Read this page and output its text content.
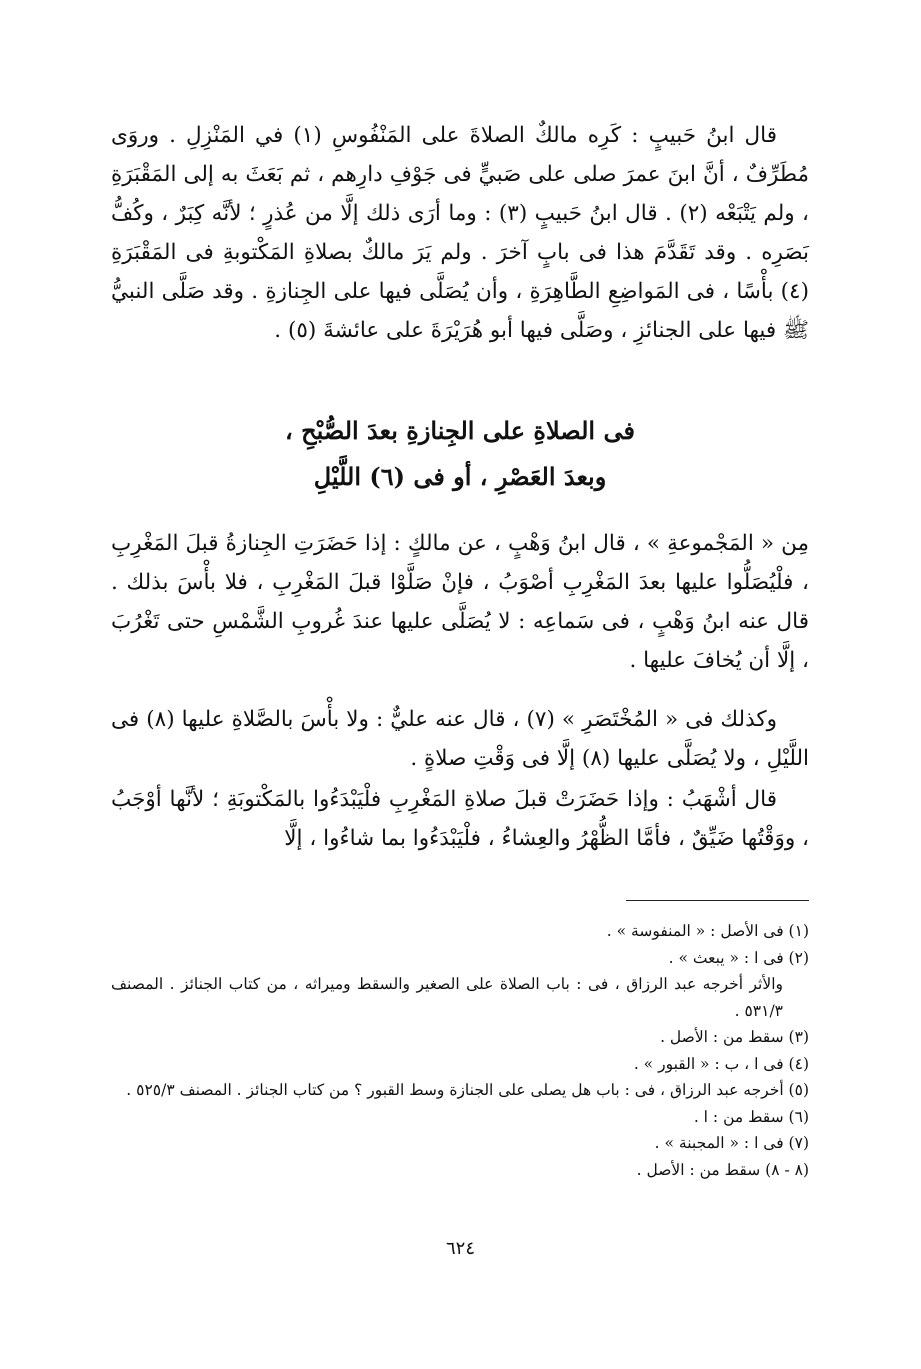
قال ابنُ حَبيبٍ : كَرِه مالكٌ الصلاةَ على المَنْفُوسِ (١) في المَنْزِلِ . وروَى مُطَرِّفٌ ، أنَّ ابنَ عمرَ صلى على صَبيٍّ فى جَوْفِ دارِهم ، ثم بَعَثَ به إلى المَقْبَرَةِ ، ولم يَتْبَعْه (٢) . قال ابنُ حَبيبٍ (٣) : وما أرَى ذلك إلَّا من عُذرٍ ؛ لأنَّه كِبَرٌ ، وكُفُّ بَصَرِه . وقد تَقَدَّمَ هذا فى بابٍ آخرَ . ولم يَرَ مالكٌ بصلاةِ المَكْتوبةِ فى المَقْبَرَةِ (٤) بأْسًا ، فى المَواضِعِ الطَّاهِرَةِ ، وأن يُصَلَّى فيها على الجِنازةِ . وقد صَلَّى النبيُّ ﷺ فيها على الجنائزِ ، وصَلَّى فيها أبو هُرَيْرَةَ على عائشةَ (٥) .

فى الصلاةِ على الجِنازةِ بعدَ الصُّبْحِ ،
وبعدَ العَصْرِ ، أو فى (٦) اللَّيْلِ

مِن « المَجْموعةِ » ، قال ابنُ وَهْبٍ ، عن مالكٍ : إذا حَضَرَتِ الجِنازةُ قبلَ المَغْرِبِ ، فلْيُصَلُّوا عليها بعدَ المَغْرِبِ أصْوَبُ ، فإنْ صَلَّوْا قبلَ المَغْرِبِ ، فلا بأْسَ بذلك . قال عنه ابنُ وَهْبٍ ، فى سَماعِه : لا يُصَلَّى عليها عندَ غُروبِ الشَّمْسِ حتى تَغْرُبَ ، إلَّا أن يُخافَ عليها .

وكذلك فى « المُخْتَصَرِ » (٧) ، قال عنه عليٌّ : ولا بأْسَ بالصَّلاةِ عليها (٨) فى اللَّيْلِ ، ولا يُصَلَّى عليها (٨) إلَّا فى وَقْتِ صلاةٍ .

قال أشْهَبُ : وإذا حَضَرَتْ قبلَ صلاةِ المَغْرِبِ فلْيَبْدَءُوا بالمَكْتوبَةِ ؛ لأنَّها أوْجَبُ ، ووَقْتُها ضَيِّقٌ ، فأمَّا الظُّهْرُ والعِشاءُ ، فلْيَبْدَءُوا بما شاءُوا ، إلَّا

(١) فى الأصل : « المنفوسة » .

(٢) فى ا : « يبعث » .

والأثر أخرجه عبد الرزاق ، فى : باب الصلاة على الصغير والسقط وميراثه ، من كتاب الجنائز . المصنف ٥٣١/٣ .

(٣) سقط من : الأصل .

(٤) فى ا ، ب : « القبور » .

(٥) أخرجه عبد الرزاق ، فى : باب هل يصلى على الجنازة وسط القبور ؟ من كتاب الجنائز . المصنف ٥٢٥/٣ .

(٦) سقط من : ا .

(٧) فى ا : « المجبنة » .

(٨ - ٨) سقط من : الأصل .

٦٢٤
